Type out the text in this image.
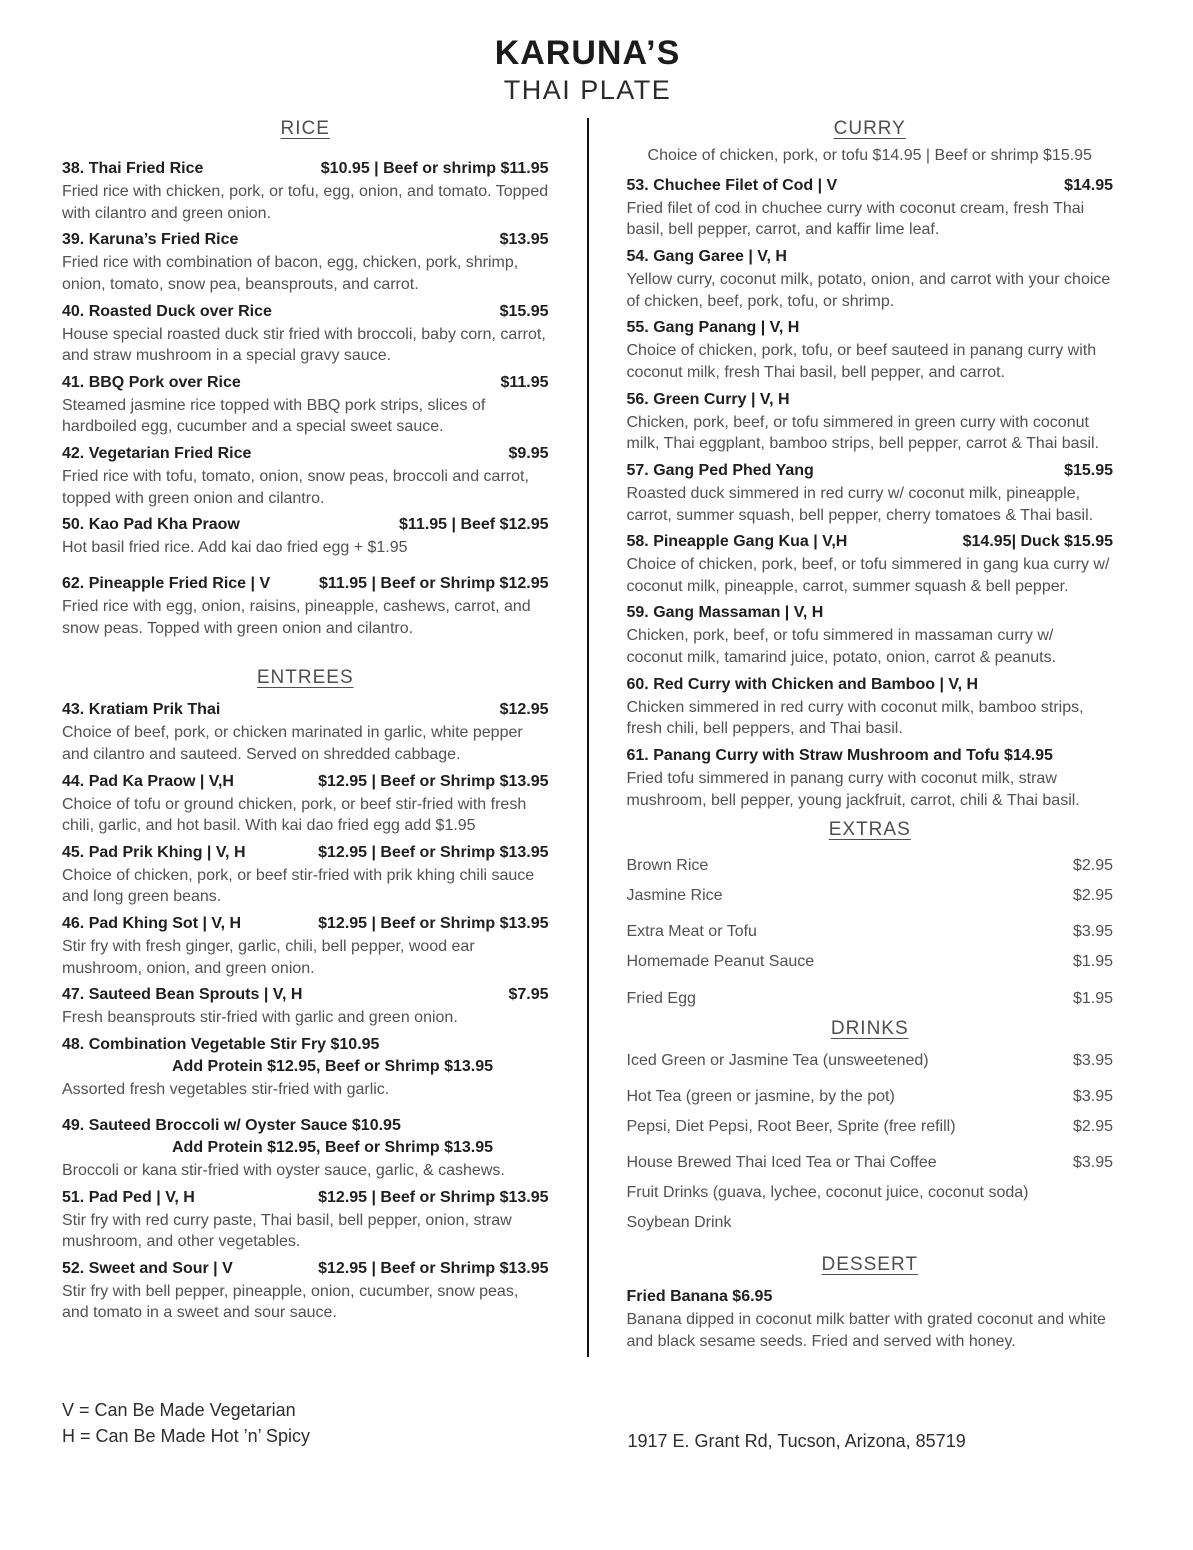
KARUNA’S
THAI PLATE
RICE
38. Thai Fried Rice	$10.95 | Beef or shrimp $11.95
Fried rice with chicken, pork, or tofu, egg, onion, and tomato. Topped with cilantro and green onion.
39. Karuna’s Fried Rice	$13.95
Fried rice with combination of bacon, egg, chicken, pork, shrimp, onion, tomato, snow pea, beansprouts, and carrot.
40. Roasted Duck over Rice	$15.95
House special roasted duck stir fried with broccoli, baby corn, carrot, and straw mushroom in a special gravy sauce.
41. BBQ Pork over Rice	$11.95
Steamed jasmine rice topped with BBQ pork strips, slices of hardboiled egg, cucumber and a special sweet sauce.
42. Vegetarian Fried Rice	$9.95
Fried rice with tofu, tomato, onion, snow peas, broccoli and carrot, topped with green onion and cilantro.
50. Kao Pad Kha Praow	$11.95 | Beef $12.95
Hot basil fried rice. Add kai dao fried egg + $1.95
62. Pineapple Fried Rice | V	$11.95 | Beef or Shrimp $12.95
Fried rice with egg, onion, raisins, pineapple, cashews, carrot, and snow peas. Topped with green onion and cilantro.
ENTREES
43. Kratiam Prik Thai	$12.95
Choice of beef, pork, or chicken marinated in garlic, white pepper and cilantro and sauteed. Served on shredded cabbage.
44. Pad Ka Praow | V,H	$12.95 | Beef or Shrimp $13.95
Choice of tofu or ground chicken, pork, or beef stir-fried with fresh chili, garlic, and hot basil. With kai dao fried egg add $1.95
45. Pad Prik Khing | V, H	$12.95 | Beef or Shrimp $13.95
Choice of chicken, pork, or beef stir-fried with prik khing chili sauce and long green beans.
46. Pad Khing Sot | V, H	$12.95 | Beef or Shrimp $13.95
Stir fry with fresh ginger, garlic, chili, bell pepper, wood ear mushroom, onion, and green onion.
47. Sauteed Bean Sprouts | V, H	$7.95
Fresh beansprouts stir-fried with garlic and green onion.
48. Combination Vegetable Stir Fry $10.95
Add Protein $12.95, Beef or Shrimp $13.95
Assorted fresh vegetables stir-fried with garlic.
49. Sauteed Broccoli w/ Oyster Sauce $10.95
Add Protein $12.95, Beef or Shrimp $13.95
Broccoli or kana stir-fried with oyster sauce, garlic, & cashews.
51. Pad Ped | V, H	$12.95 | Beef or Shrimp $13.95
Stir fry with red curry paste, Thai basil, bell pepper, onion, straw mushroom, and other vegetables.
52. Sweet and Sour | V	$12.95 | Beef or Shrimp $13.95
Stir fry with bell pepper, pineapple, onion, cucumber, snow peas, and tomato in a sweet and sour sauce.
CURRY
Choice of chicken, pork, or tofu $14.95 | Beef or shrimp $15.95
53. Chuchee Filet of Cod | V	$14.95
Fried filet of cod in chuchee curry with coconut cream, fresh Thai basil, bell pepper, carrot, and kaffir lime leaf.
54. Gang Garee | V, H
Yellow curry, coconut milk, potato, onion, and carrot with your choice of chicken, beef, pork, tofu, or shrimp.
55. Gang Panang | V, H
Choice of chicken, pork, tofu, or beef sauteed in panang curry with coconut milk, fresh Thai basil, bell pepper, and carrot.
56. Green Curry | V, H
Chicken, pork, beef, or tofu simmered in green curry with coconut milk, Thai eggplant, bamboo strips, bell pepper, carrot & Thai basil.
57. Gang Ped Phed Yang	$15.95
Roasted duck simmered in red curry w/ coconut milk, pineapple, carrot, summer squash, bell pepper, cherry tomatoes & Thai basil.
58. Pineapple Gang Kua | V,H	$14.95| Duck $15.95
Choice of chicken, pork, beef, or tofu simmered in gang kua curry w/ coconut milk, pineapple, carrot, summer squash & bell pepper.
59. Gang Massaman | V, H
Chicken, pork, beef, or tofu simmered in massaman curry w/ coconut milk, tamarind juice, potato, onion, carrot & peanuts.
60. Red Curry with Chicken and Bamboo | V, H
Chicken simmered in red curry with coconut milk, bamboo strips, fresh chili, bell peppers, and Thai basil.
61. Panang Curry with Straw Mushroom and Tofu $14.95
Fried tofu simmered in panang curry with coconut milk, straw mushroom, bell pepper, young jackfruit, carrot, chili & Thai basil.
EXTRAS
Brown Rice	$2.95
Jasmine Rice	$2.95
Extra Meat or Tofu	$3.95
Homemade Peanut Sauce	$1.95
Fried Egg	$1.95
DRINKS
Iced Green or Jasmine Tea (unsweetened)	$3.95
Hot Tea (green or jasmine, by the pot)	$3.95
Pepsi, Diet Pepsi, Root Beer, Sprite (free refill)	$2.95
House Brewed Thai Iced Tea or Thai Coffee	$3.95
Fruit Drinks (guava, lychee, coconut juice, coconut soda)
Soybean Drink
DESSERT
Fried Banana $6.95
Banana dipped in coconut milk batter with grated coconut and white and black sesame seeds. Fried and served with honey.
V = Can Be Made Vegetarian
H = Can Be Made Hot ’n’ Spicy	1917 E. Grant Rd, Tucson, Arizona, 85719
